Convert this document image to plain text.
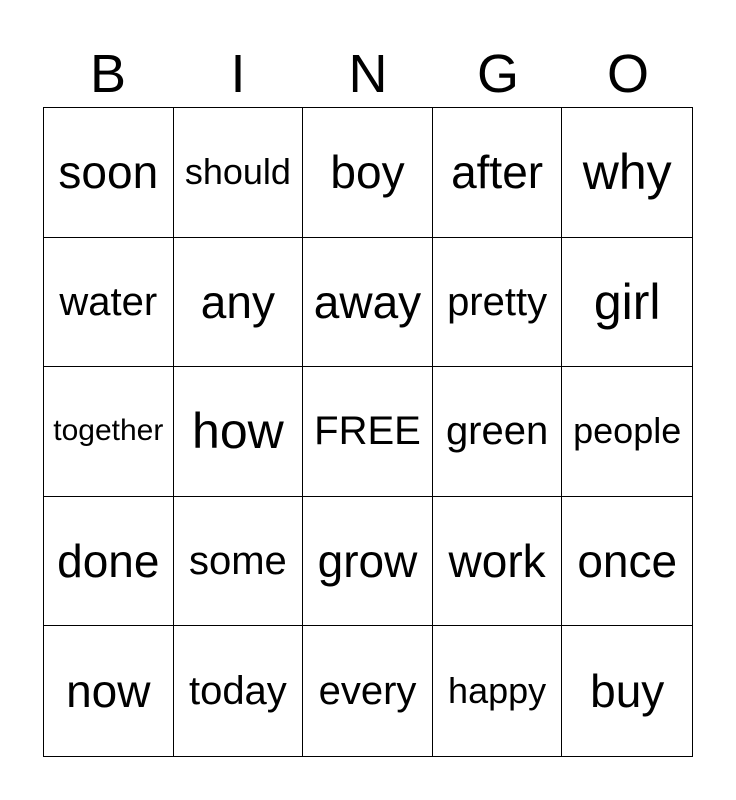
B	I	N	G	O
soon should boy after why
water any away pretty girl
together how FREE green people
done some grow work once
now today every happy buy
